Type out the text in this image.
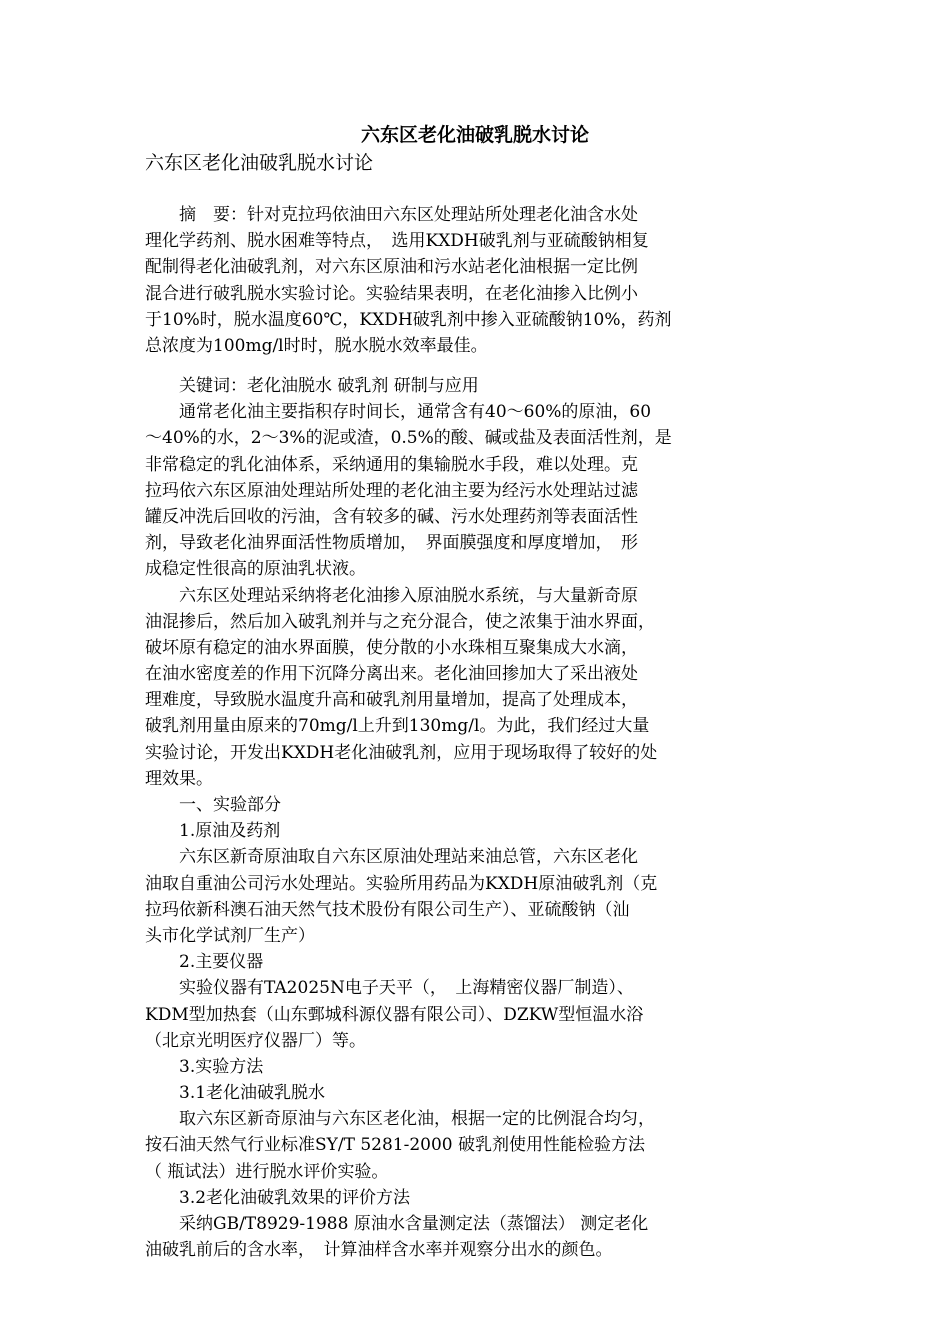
六东区老化油破乳脱水讨论
六东区老化油破乳脱水讨论
　　摘　要：针对克拉玛依油田六东区处理站所处理老化油含水处
理化学药剂、脱水困难等特点，　选用KXDH破乳剂与亚硫酸钠相复
配制得老化油破乳剂，对六东区原油和污水站老化油根据一定比例
混合进行破乳脱水实验讨论。实验结果表明，在老化油掺入比例小
于10%时，脱水温度60℃，KXDH破乳剂中掺入亚硫酸钠10%，药剂
总浓度为100mg/l时时，脱水脱水效率最佳。
　　关键词：老化油脱水 破乳剂 研制与应用
　　通常老化油主要指积存时间长，通常含有40～60%的原油，60
～40%的水，2～3%的泥或渣，0.5%的酸、碱或盐及表面活性剂，是
非常稳定的乳化油体系，采纳通用的集输脱水手段，难以处理。克
拉玛依六东区原油处理站所处理的老化油主要为经污水处理站过滤
罐反冲洗后回收的污油，含有较多的碱、污水处理药剂等表面活性
剂，导致老化油界面活性物质增加，　界面膜强度和厚度增加，　形
成稳定性很高的原油乳状液。
　　六东区处理站采纳将老化油掺入原油脱水系统，与大量新奇原
油混掺后，然后加入破乳剂并与之充分混合，使之浓集于油水界面，
破坏原有稳定的油水界面膜，使分散的小水珠相互聚集成大水滴，
在油水密度差的作用下沉降分离出来。老化油回掺加大了采出液处
理难度，导致脱水温度升高和破乳剂用量增加，提高了处理成本，
破乳剂用量由原来的70mg/l上升到130mg/l。为此，我们经过大量
实验讨论，开发出KXDH老化油破乳剂，应用于现场取得了较好的处
理效果。
　　一、实验部分
　　1.原油及药剂
　　六东区新奇原油取自六东区原油处理站来油总管，六东区老化
油取自重油公司污水处理站。实验所用药品为KXDH原油破乳剂（克
拉玛依新科澳石油天然气技术股份有限公司生产）、亚硫酸钠（汕
头市化学试剂厂生产）
　　2.主要仪器
　　实验仪器有TA2025N电子天平（，　上海精密仪器厂制造）、
KDM型加热套（山东鄄城科源仪器有限公司）、DZKW型恒温水浴
（北京光明医疗仪器厂）等。
　　3.实验方法
　　3.1老化油破乳脱水
　　取六东区新奇原油与六东区老化油，根据一定的比例混合均匀，
按石油天然气行业标准SY/T 5281-2000 破乳剂使用性能检验方法
（ 瓶试法）进行脱水评价实验。
　　3.2老化油破乳效果的评价方法
　　采纳GB/T8929-1988 原油水含量测定法（蒸馏法） 测定老化
油破乳前后的含水率，　计算油样含水率并观察分出水的颜色。
